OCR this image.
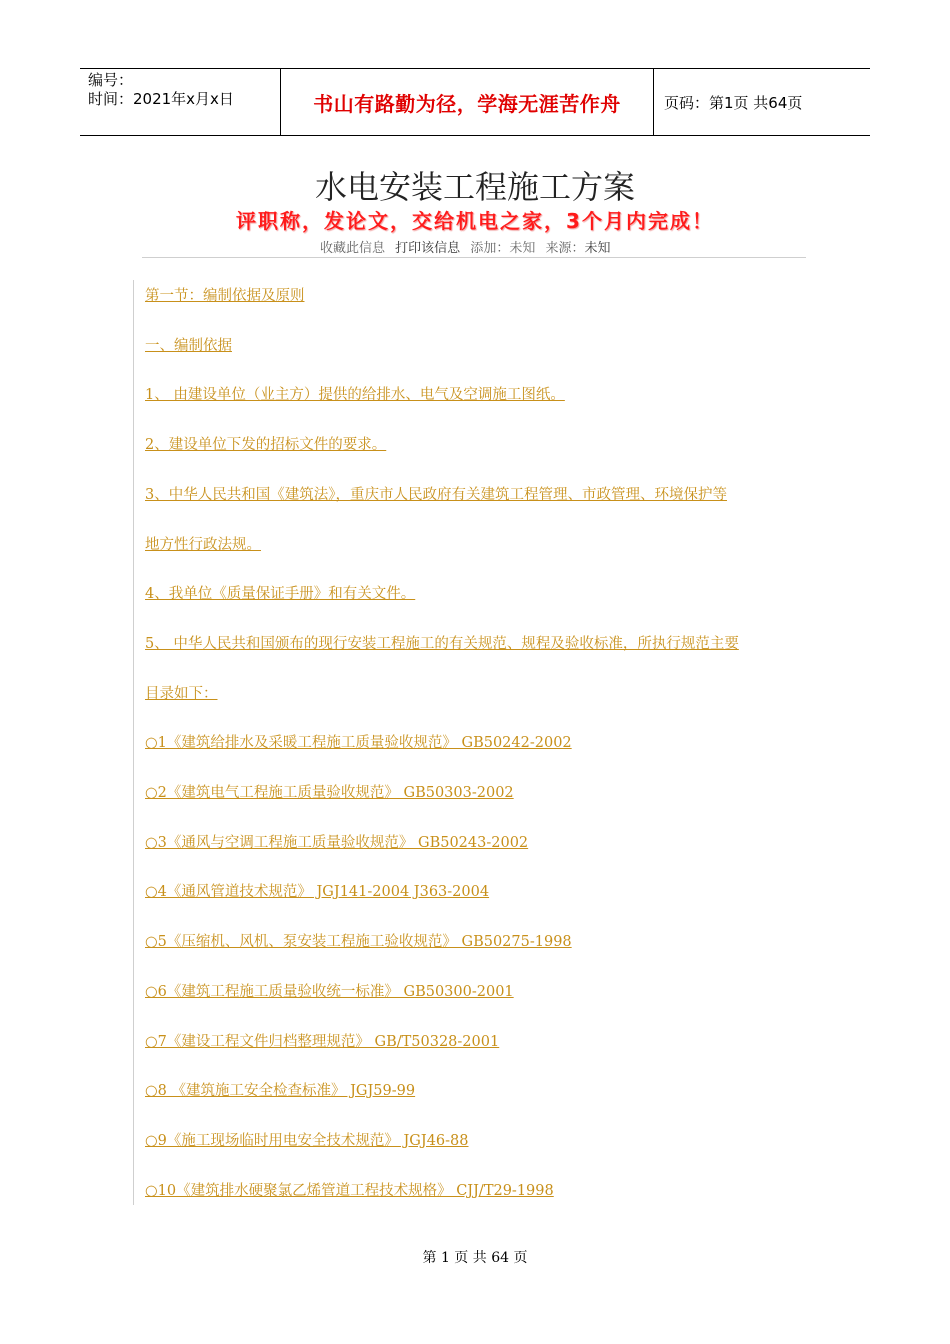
编号：
时间：2021年x月x日	书山有路勤为径，学海无涯苦作舟	页码：第1页 共64页
水电安装工程施工方案
评职称，发论文，交给机电之家，3个月内完成！
收藏此信息 打印该信息 添加：未知 来源：未知
第一节：编制依据及原则
一、编制依据
1、 由建设单位（业主方）提供的给排水、电气及空调施工图纸。
2、建设单位下发的招标文件的要求。
3、中华人民共和国《建筑法》，重庆市人民政府有关建筑工程管理、市政管理、环境保护等
地方性行政法规。
4、我单位《质量保证手册》和有关文件。
5、 中华人民共和国颁布的现行安装工程施工的有关规范、规程及验收标准，所执行规范主要
目录如下：
○1《建筑给排水及采暖工程施工质量验收规范》 GB50242-2002
○2《建筑电气工程施工质量验收规范》 GB50303-2002
○3《通风与空调工程施工质量验收规范》 GB50243-2002
○4《通风管道技术规范》 JGJ141-2004 J363-2004
○5《压缩机、风机、泵安装工程施工验收规范》 GB50275-1998
○6《建筑工程施工质量验收统一标准》 GB50300-2001
○7《建设工程文件归档整理规范》 GB/T50328-2001
○8 《建筑施工安全检查标准》 JGJ59-99
○9《施工现场临时用电安全技术规范》 JGJ46-88
○10《建筑排水硬聚氯乙烯管道工程技术规格》 CJJ/T29-1998
第 1 页 共 64 页
